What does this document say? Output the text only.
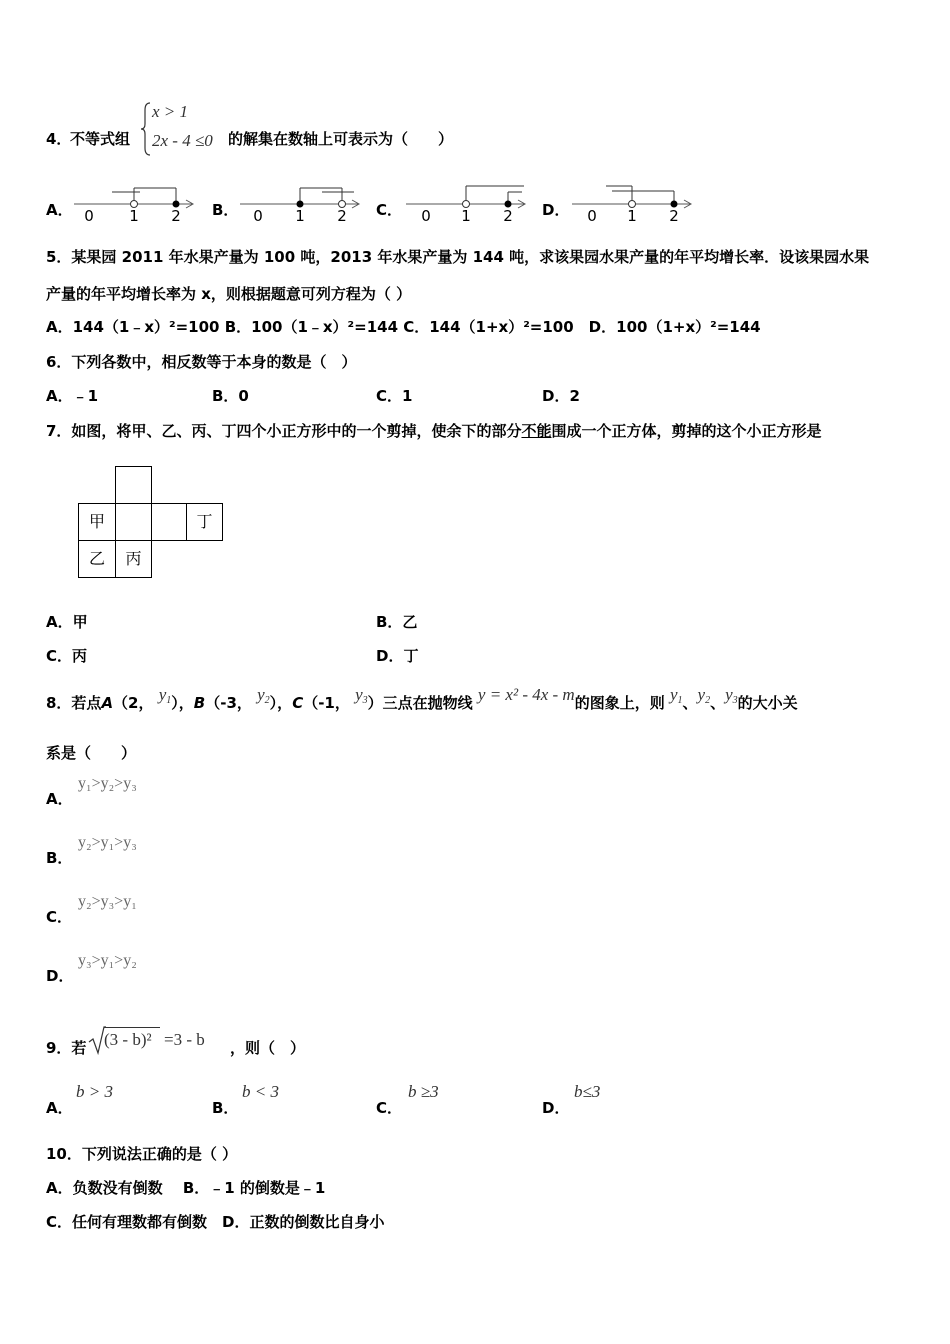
4．
不等式组
x > 1
2x - 4 ≤0 的解集在数轴上可表示为（　　）
A．	B．	C．	D．
0 1 2	0 1 2	0 1 2	0 1 2
5．某果园 2011 年水果产量为 100 吨，2013 年水果产量为 144 吨，求该果园水果产量的年平均增长率．设该果园水果
产量的年平均增长率为 x，则根据题意可列方程为（ ）
A．144（1﹣x）²=100 B．100（1﹣x）²=144 C．144（1+x）²=100　D．100（1+x）²=144
6．下列各数中，相反数等于本身的数是（　）
A．﹣1	B．0	C．1	D．2
7．如图，将甲、乙、丙、丁四个小正方形中的一个剪掉，使余下的部分不能围成一个正方体，剪掉的这个小正方形是
甲	丁
乙	丙
A．甲	B．乙
C．丙	D．丁
8．若点A（2， $y_1$），B（-3， $y_2$），C（-1， $y_3$）三点在抛物线 y = x² - 4x - m的图象上，则 $y_1$、$y_2$、$y_3$的大小关
系是（　　）
A．
y₁>y₂>y₃
B．
y₂>y₁>y₃
C．
y₂>y₃>y₁
D．
y₃>y₁>y₂
9．若 (3 - b)² =3 - b ，则（　）
A．
b > 3
B．
b < 3
C．
b ≥3
D．
b≤3
10．下列说法正确的是（ ）
A．负数没有倒数　 B．﹣1 的倒数是﹣1
C．任何有理数都有倒数　D．正数的倒数比自身小
